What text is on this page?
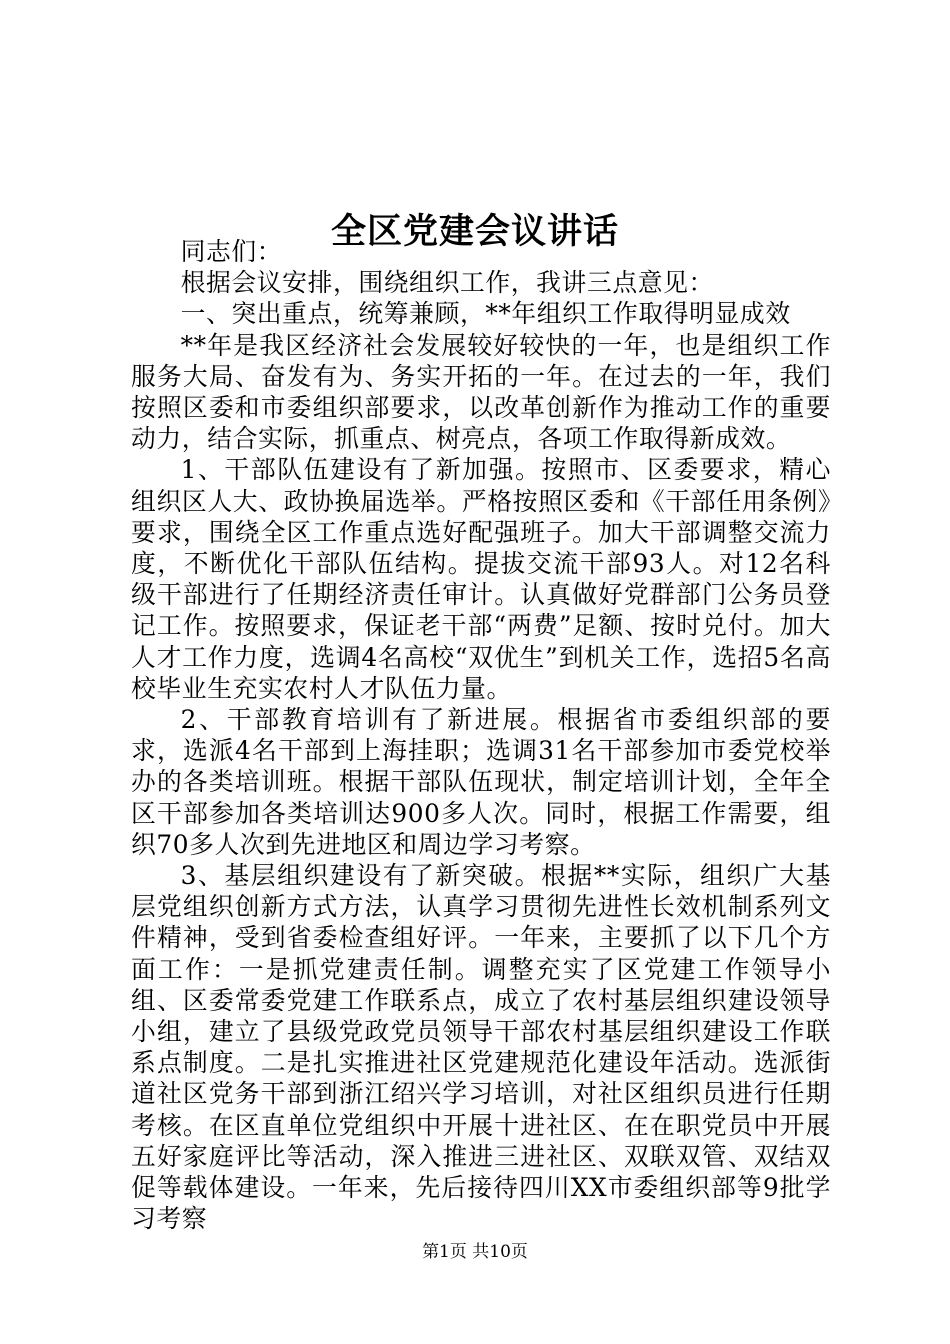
全区党建会议讲话

同志们：

根据会议安排，围绕组织工作，我讲三点意见：

一、突出重点，统筹兼顾，**年组织工作取得明显成效

**年是我区经济社会发展较好较快的一年，也是组织工作服务大局、奋发有为、务实开拓的一年。在过去的一年，我们按照区委和市委组织部要求，以改革创新作为推动工作的重要动力，结合实际，抓重点、树亮点，各项工作取得新成效。

1、干部队伍建设有了新加强。按照市、区委要求，精心组织区人大、政协换届选举。严格按照区委和《干部任用条例》要求，围绕全区工作重点选好配强班子。加大干部调整交流力度，不断优化干部队伍结构。提拔交流干部93人。对12名科级干部进行了任期经济责任审计。认真做好党群部门公务员登记工作。按照要求，保证老干部“两费”足额、按时兑付。加大人才工作力度，选调4名高校“双优生”到机关工作，选招5名高校毕业生充实农村人才队伍力量。

2、干部教育培训有了新进展。根据省市委组织部的要求，选派4名干部到上海挂职；选调31名干部参加市委党校举办的各类培训班。根据干部队伍现状，制定培训计划，全年全区干部参加各类培训达900多人次。同时，根据工作需要，组织70多人次到先进地区和周边学习考察。

3、基层组织建设有了新突破。根据**实际，组织广大基层党组织创新方式方法，认真学习贯彻先进性长效机制系列文件精神，受到省委检查组好评。一年来，主要抓了以下几个方面工作：一是抓党建责任制。调整充实了区党建工作领导小组、区委常委党建工作联系点，成立了农村基层组织建设领导小组，建立了县级党政党员领导干部农村基层组织建设工作联系点制度。二是扎实推进社区党建规范化建设年活动。选派街道社区党务干部到浙江绍兴学习培训，对社区组织员进行任期考核。在区直单位党组织中开展十进社区、在在职党员中开展五好家庭评比等活动，深入推进三进社区、双联双管、双结双促等载体建设。一年来，先后接待四川XX市委组织部等9批学习考察

第1页 共10页
